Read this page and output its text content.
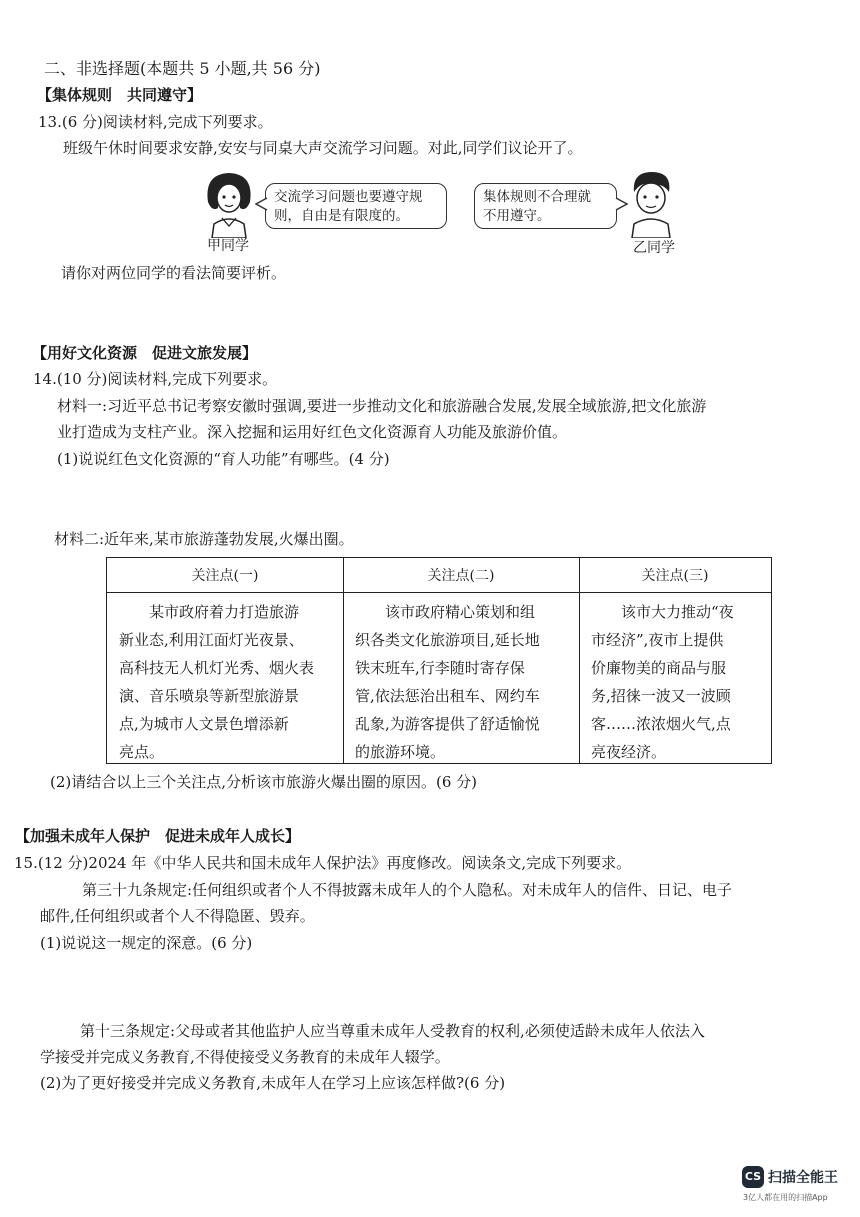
二、非选择题(本题共 5 小题,共 56 分)
【集体规则　共同遵守】
13.(6 分)阅读材料,完成下列要求。
班级午休时间要求安静,安安与同桌大声交流学习问题。对此,同学们议论开了。
交流学习问题也要遵守规
则，自由是有限度的。
甲同学
集体规则不合理就
不用遵守。
乙同学
请你对两位同学的看法简要评析。
【用好文化资源　促进文旅发展】
14.(10 分)阅读材料,完成下列要求。
材料一:习近平总书记考察安徽时强调,要进一步推动文化和旅游融合发展,发展全域旅游,把文化旅游
业打造成为支柱产业。深入挖掘和运用好红色文化资源育人功能及旅游价值。
(1)说说红色文化资源的“育人功能”有哪些。(4 分)
材料二:近年来,某市旅游蓬勃发展,火爆出圈。
关注点(一)	关注点(二)	关注点(三)
　　某市政府着力打造旅游
新业态,利用江面灯光夜景、
高科技无人机灯光秀、烟火表
演、音乐喷泉等新型旅游景
点,为城市人文景色增添新
亮点。
　　该市政府精心策划和组
织各类文化旅游项目,延长地
铁末班车,行李随时寄存保
管,依法惩治出租车、网约车
乱象,为游客提供了舒适愉悦
的旅游环境。
　　该市大力推动“夜
市经济”,夜市上提供
价廉物美的商品与服
务,招徕一波又一波顾
客……浓浓烟火气,点
亮夜经济。
(2)请结合以上三个关注点,分析该市旅游火爆出圈的原因。(6 分)
【加强未成年人保护　促进未成年人成长】
15.(12 分)2024 年《中华人民共和国未成年人保护法》再度修改。阅读条文,完成下列要求。
第三十九条规定:任何组织或者个人不得披露未成年人的个人隐私。对未成年人的信件、日记、电子
邮件,任何组织或者个人不得隐匿、毁弃。
(1)说说这一规定的深意。(6 分)
第十三条规定:父母或者其他监护人应当尊重未成年人受教育的权利,必须使适龄未成年人依法入
学接受并完成义务教育,不得使接受义务教育的未成年人辍学。
(2)为了更好接受并完成义务教育,未成年人在学习上应该怎样做?(6 分)
CS 扫描全能王
3亿人都在用的扫描App
